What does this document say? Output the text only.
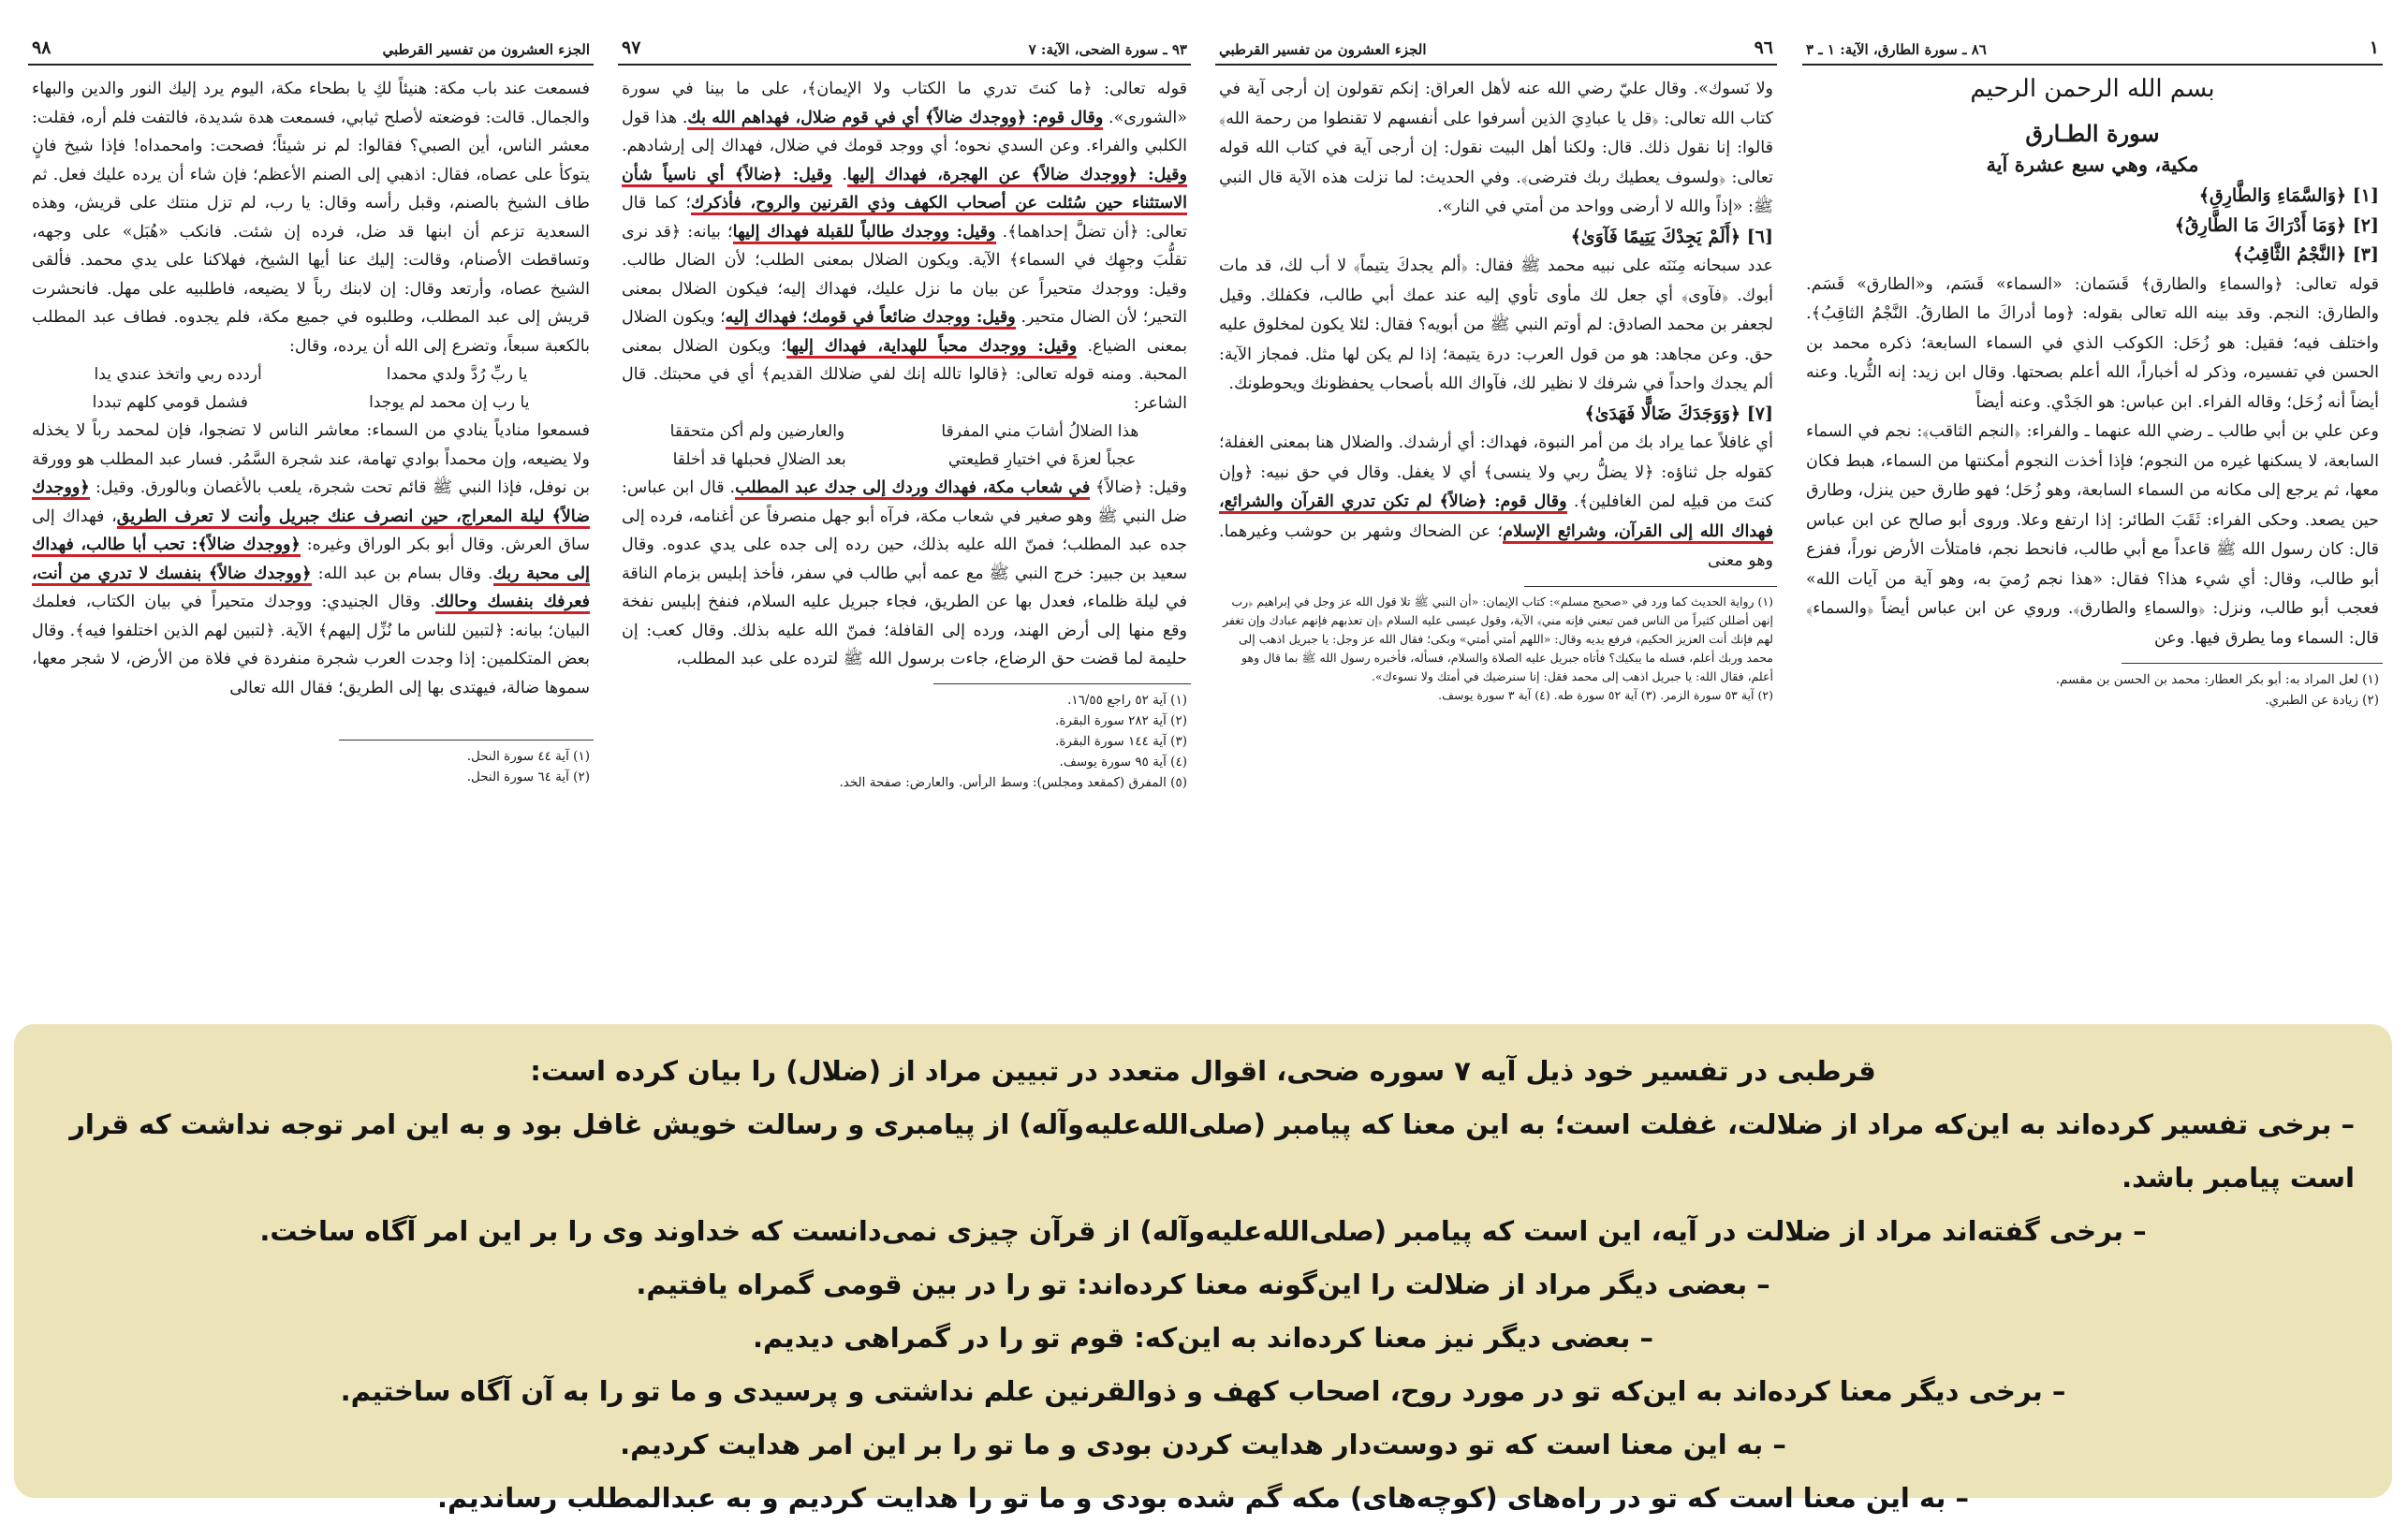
١
٨٦ ـ سورة الطارق، الآية: ١ ـ ٣
بسم الله الرحمن الرحيم
سورة الطـارق
مكية، وهي سبع عشرة آية

[١] ﴿وَالسَّمَاءِ وَالطَّارِقِ﴾

[٢] ﴿وَمَا أَدْرَاكَ مَا الطَّارِقُ﴾

[٣] ﴿النَّجْمُ الثَّاقِبُ﴾

قوله تعالى: ﴿والسماءِ والطارق﴾ قَسَمان: «السماء» قَسَم، و«الطارق» قَسَم. والطارق: النجم. وقد بينه الله تعالى بقوله: ﴿وما أدراكَ ما الطارقُ. النَّجْمُ الثاقِبُ﴾. واختلف فيه؛ فقيل: هو زُحَل: الكوكب الذي في السماء السابعة؛ ذكره محمد بن الحسن في تفسيره، وذكر له أخباراً، الله أعلم بصحتها. وقال ابن زيد: إنه الثُّريا. وعنه أيضاً أنه زُحَل؛ وقاله الفراء. ابن عباس: هو الجَدْي. وعنه أيضاً

وعن علي بن أبي طالب ـ رضي الله عنهما ـ والفراء: ﴿النجم الثاقب﴾: نجم في السماء السابعة، لا يسكنها غيره من النجوم؛ فإذا أخذت النجوم أمكنتها من السماء، هبط فكان معها، ثم يرجع إلى مكانه من السماء السابعة، وهو زُحَل؛ فهو طارق حين ينزل، وطارق حين يصعد. وحكى الفراء: ثَقَبَ الطائر: إذا ارتفع وعلا. وروى أبو صالح عن ابن عباس قال: كان رسول الله ﷺ قاعداً مع أبي طالب، فانحط نجم، فامتلأت الأرض نوراً، ففزع أبو طالب، وقال: أي شيء هذا؟ فقال: «هذا نجم رُميَ به، وهو آية من آيات الله» فعجب أبو طالب، ونزل: ﴿والسماءِ والطارق﴾. وروي عن ابن عباس أيضاً ﴿والسماء﴾ قال: السماء وما يطرق فيها. وعن

(١) لعل المراد به: أبو بكر العطار: محمد بن الحسن بن مقسم.

(٢) زيادة عن الطبري.

٩٦
الجزء العشرون من تفسير القرطبي

ولا نَسوك». وقال عليّ رضي الله عنه لأهل العراق: إنكم تقولون إن أرجى آية في كتاب الله تعالى: ﴿قل يا عبادِيَ الذين أسرفوا على أنفسهم لا تقنطوا من رحمة الله﴾ قالوا: إنا نقول ذلك. قال: ولكنا أهل البيت نقول: إن أرجى آية في كتاب الله قوله تعالى: ﴿ولسوف يعطيك ربك فترضى﴾. وفي الحديث: لما نزلت هذه الآية قال النبي ﷺ: «إذاً والله لا أرضى وواحد من أمتي في النار».

[٦] ﴿أَلَمْ يَجِدْكَ يَتِيمًا فَآوَىٰ﴾

عدد سبحانه مِنَنَه على نبيه محمد ﷺ فقال: ﴿ألم يجدكَ يتيماً﴾ لا أب لك، قد مات أبوك. ﴿فآوى﴾ أي جعل لك مأوى تأوي إليه عند عمك أبي طالب، فكفلك. وقيل لجعفر بن محمد الصادق: لم أوتم النبي ﷺ من أبويه؟ فقال: لئلا يكون لمخلوق عليه حق. وعن مجاهد: هو من قول العرب: درة يتيمة؛ إذا لم يكن لها مثل. فمجاز الآية: ألم يجدك واحداً في شرفك لا نظير لك، فآواك الله بأصحاب يحفظونك ويحوطونك.

[٧] ﴿وَوَجَدَكَ ضَالًّا فَهَدَىٰ﴾

أي غافلاً عما يراد بك من أمر النبوة، فهداك: أي أرشدك. والضلال هنا بمعنى الغفلة؛ كقوله جل ثناؤه: ﴿لا يضلُّ ربي ولا ينسى﴾ أي لا يغفل. وقال في حق نبيه: ﴿وإن كنتَ من قبلِه لمن الغافلين﴾. وقال قوم: ﴿ضالاً﴾ لم تكن تدري القرآن والشرائع، فهداك الله إلى القرآن، وشرائع الإسلام؛ عن الضحاك وشهر بن حوشب وغيرهما. وهو معنى

(١) رواية الحديث كما ورد في «صحيح مسلم»: كتاب الإيمان: «أن النبي ﷺ تلا قول الله عز وجل في إبراهيم ﴿رب إنهن أضللن كثيراً من الناس فمن تبعني فإنه مني﴾ الآية، وقول عيسى عليه السلام ﴿إن تعذبهم فإنهم عبادك وإن تغفر لهم فإنك أنت العزيز الحكيم﴾ فرفع يديه وقال: «اللهم أمتي أمتي» وبكى؛ فقال الله عز وجل: يا جبريل اذهب إلى محمد وربك أعلم، فسله ما يبكيك؟ فأتاه جبريل عليه الصلاة والسلام، فسأله، فأخبره رسول الله ﷺ بما قال وهو أعلم، فقال الله: يا جبريل اذهب إلى محمد فقل: إنا سنرضيك في أمتك ولا نسوءك».

(٢) آية ٥٣ سورة الزمر. (٣) آية ٥٢ سورة طه. (٤) آية ٣ سورة يوسف.

٩٣ ـ سورة الضحى، الآية: ٧
٩٧

قوله تعالى: ﴿ما كنتَ تدري ما الكتاب ولا الإيمان﴾، على ما بينا في سورة «الشورى». وقال قوم: ﴿ووجدك ضالاً﴾ أي في قوم ضلال، فهداهم الله بك. هذا قول الكلبي والفراء. وعن السدي نحوه؛ أي ووجد قومك في ضلال، فهداك إلى إرشادهم. وقيل: ﴿ووجدك ضالاً﴾ عن الهجرة، فهداك إليها. وقيل: ﴿ضالاً﴾ أي ناسياً شأن الاستثناء حين سُئلت عن أصحاب الكهف وذي القرنين والروح، فأذكرك؛ كما قال تعالى: ﴿أن تضلَّ إحداهما﴾. وقيل: ووجدك طالباً للقبلة فهداك إليها؛ بيانه: ﴿قد نرى تقلُّبَ وجهِك في السماء﴾ الآية. ويكون الضلال بمعنى الطلب؛ لأن الضال طالب. وقيل: ووجدك متحيراً عن بيان ما نزل عليك، فهداك إليه؛ فيكون الضلال بمعنى التحير؛ لأن الضال متحير. وقيل: ووجدك ضائعاً في قومك؛ فهداك إليه؛ ويكون الضلال بمعنى الضياع. وقيل: ووجدك محباً للهداية، فهداك إليها؛ ويكون الضلال بمعنى المحبة. ومنه قوله تعالى: ﴿قالوا تالله إنك لفي ضلالك القديم﴾ أي في محبتك. قال الشاعر:

هذا الضلالُ أشابَ مني المفرقا
والعارضين ولم أكن متحققا
عجباً لعزةَ في اختيارِ قطيعتي
بعد الضلالِ فحبلها قد أخلقا

وقيل: ﴿ضالاً﴾ في شعاب مكة، فهداك وردك إلى جدك عبد المطلب. قال ابن عباس: ضل النبي ﷺ وهو صغير في شعاب مكة، فرآه أبو جهل منصرفاً عن أغنامه، فرده إلى جده عبد المطلب؛ فمنّ الله عليه بذلك، حين رده إلى جده على يدي عدوه. وقال سعيد بن جبير: خرج النبي ﷺ مع عمه أبي طالب في سفر، فأخذ إبليس بزمام الناقة في ليلة ظلماء، فعدل بها عن الطريق، فجاء جبريل عليه السلام، فنفخ إبليس نفخة وقع منها إلى أرض الهند، ورده إلى القافلة؛ فمنّ الله عليه بذلك. وقال كعب: إن حليمة لما قضت حق الرضاع، جاءت برسول الله ﷺ لترده على عبد المطلب،

(١) آية ٥٢ راجع ١٦/٥٥.

(٢) آية ٢٨٢ سورة البقرة.

(٣) آية ١٤٤ سورة البقرة.

(٤) آية ٩٥ سورة يوسف.

(٥) المفرق (كمقعد ومجلس): وسط الرأس. والعارض: صفحة الخد.

الجزء العشرون من تفسير القرطبي
٩٨

فسمعت عند باب مكة: هنيئاً لكِ يا بطحاء مكة، اليوم يرد إليك النور والدين والبهاء والجمال. قالت: فوضعته لأصلح ثيابي، فسمعت هدة شديدة، فالتفت فلم أره، فقلت: معشر الناس، أين الصبي؟ فقالوا: لم نر شيئاً؛ فصحت: وامحمداه! فإذا شيخ فانٍ يتوكأ على عصاه، فقال: اذهبي إلى الصنم الأعظم؛ فإن شاء أن يرده عليك فعل. ثم طاف الشيخ بالصنم، وقبل رأسه وقال: يا رب، لم تزل منتك على قريش، وهذه السعدية تزعم أن ابنها قد ضل، فرده إن شئت. فانكب «هُبَل» على وجهه، وتساقطت الأصنام، وقالت: إليك عنا أيها الشيخ، فهلاكنا على يدي محمد. فألقى الشيخ عصاه، وأرتعد وقال: إن لابنك رباً لا يضيعه، فاطلبيه على مهل. فانحشرت قريش إلى عبد المطلب، وطلبوه في جميع مكة، فلم يجدوه. فطاف عبد المطلب بالكعبة سبعاً، وتضرع إلى الله أن يرده، وقال:

يا ربِّ رُدَّ ولدي محمدا
أردده ربي واتخذ عندي يدا
يا رب إن محمد لم يوجدا
فشمل قومي كلهم تبددا

فسمعوا منادياً ينادي من السماء: معاشر الناس لا تضجوا، فإن لمحمد رباً لا يخذله ولا يضيعه، وإن محمداً بوادي تهامة، عند شجرة السَّمُر. فسار عبد المطلب هو وورقة بن نوفل، فإذا النبي ﷺ قائم تحت شجرة، يلعب بالأغصان وبالورق. وقيل: ﴿ووجدك ضالاً﴾ ليلة المعراج، حين انصرف عنك جبريل وأنت لا تعرف الطريق، فهداك إلى ساق العرش. وقال أبو بكر الوراق وغيره: ﴿ووجدك ضالاً﴾: تحب أبا طالب، فهداك إلى محبة ربك. وقال بسام بن عبد الله: ﴿ووجدك ضالاً﴾ بنفسك لا تدري من أنت، فعرفك بنفسك وحالك. وقال الجنيدي: ووجدك متحيراً في بيان الكتاب، فعلمك البيان؛ بيانه: ﴿لتبين للناس ما نُزِّل إليهم﴾ الآية. ﴿لتبين لهم الذين اختلفوا فيه﴾. وقال بعض المتكلمين: إذا وجدت العرب شجرة منفردة في فلاة من الأرض، لا شجر معها، سموها ضالة، فيهتدى بها إلى الطريق؛ فقال الله تعالى

(١) آية ٤٤ سورة النحل.

(٢) آية ٦٤ سورة النحل.

قرطبی در تفسیر خود ذیل آیه ۷ سوره ضحی، اقوال متعدد در تبیین مراد از (ضلال) را بیان کرده است:

– برخی تفسیر کرده‌اند به این‌که مراد از ضلالت، غفلت است؛ به این معنا که پیامبر (صلی‌الله‌علیه‌وآله) از پیامبری و رسالت خویش غافل بود و به این امر توجه نداشت که قرار است پیامبر باشد.

– برخی گفته‌اند مراد از ضلالت در آیه، این است که پیامبر (صلی‌الله‌علیه‌وآله) از قرآن چیزی نمی‌دانست که خداوند وی را بر این امر آگاه ساخت.

– بعضی دیگر مراد از ضلالت را این‌گونه معنا کرده‌اند: تو را در بین قومی گمراه یافتیم.

– بعضی دیگر نیز معنا کرده‌اند به این‌که: قوم تو را در گمراهی دیدیم.

– برخی دیگر معنا کرده‌اند به این‌که تو در مورد روح، اصحاب کهف و ذوالقرنین علم نداشتی و پرسیدی و ما تو را به آن آگاه ساختیم.

– به این معنا است که تو دوست‌دار هدایت کردن بودی و ما تو را بر این امر هدایت کردیم.

– به این معنا است که تو در راه‌های (کوچه‌های) مکه گم شده بودی و ما تو را هدایت کردیم و به عبدالمطلب رساندیم.
